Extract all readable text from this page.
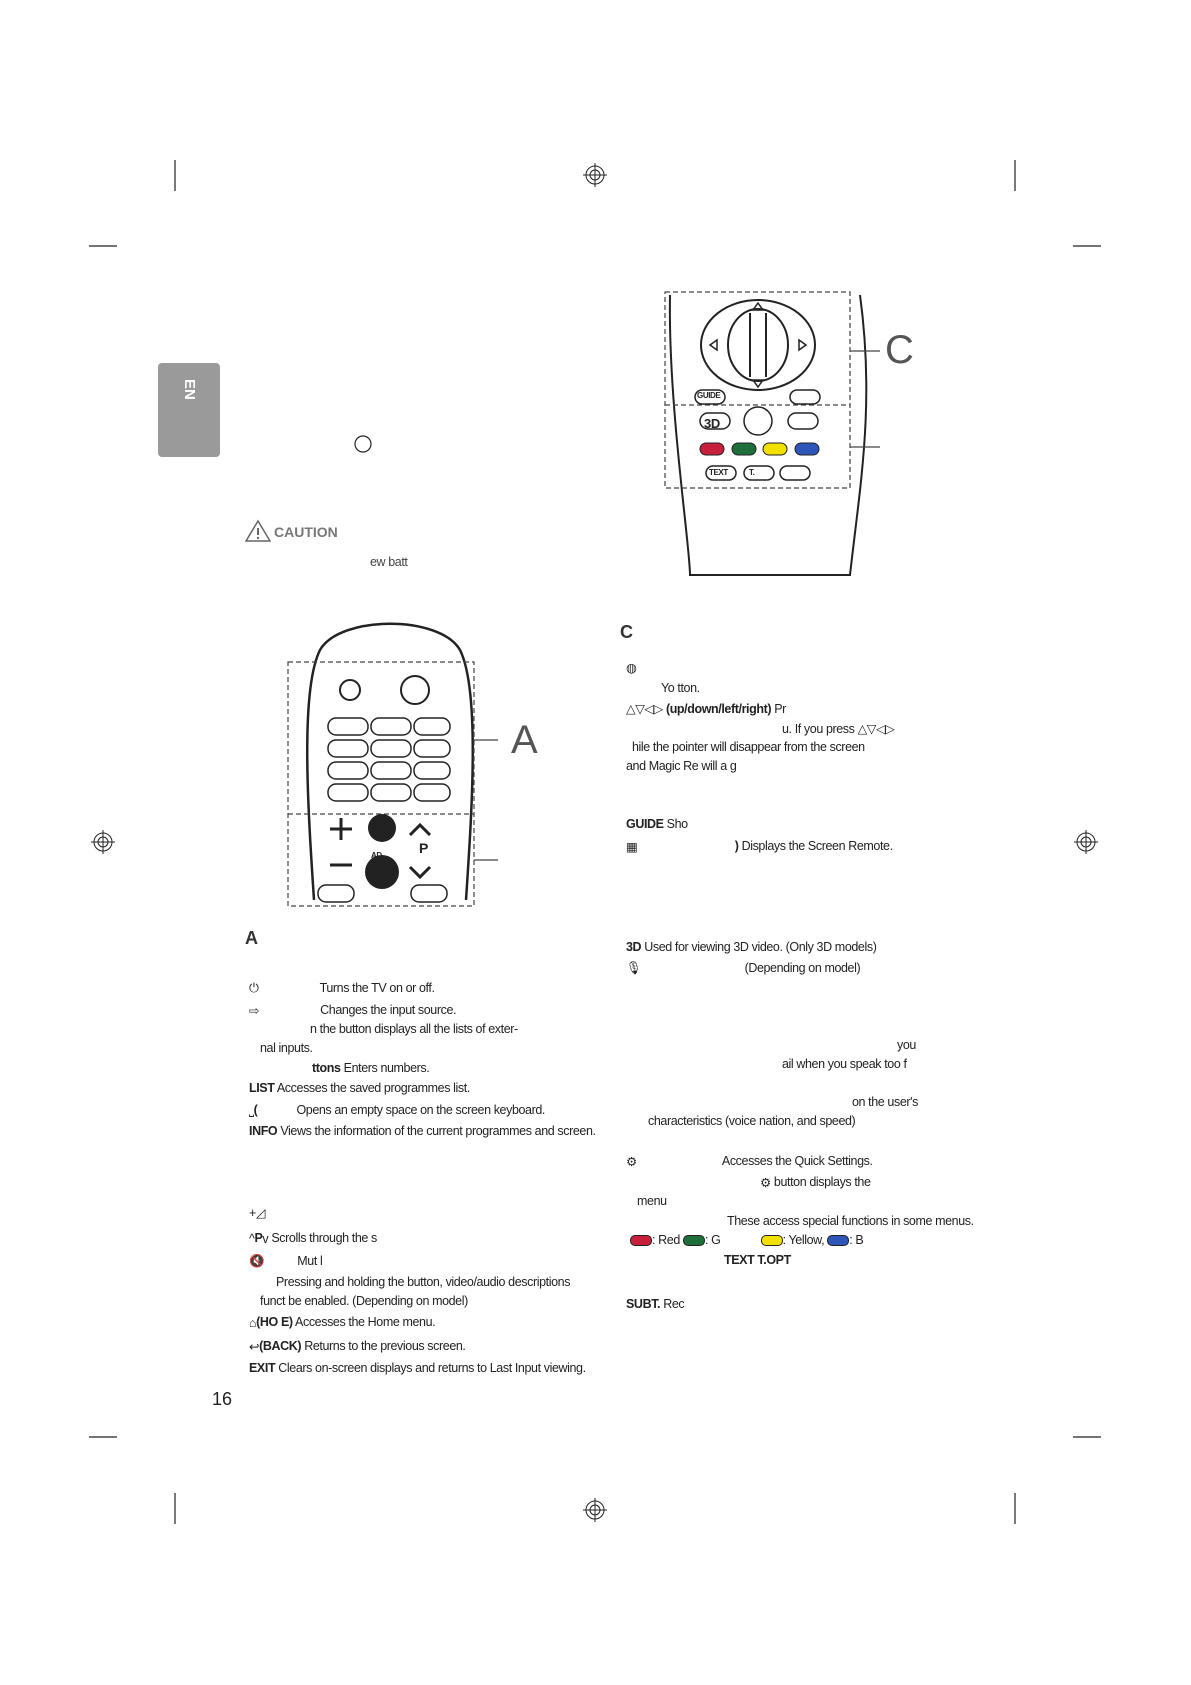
EN
CAUTION
ew batt
GUIDE
3D
TEXT	T.
C
AD	P
A
A
⏻	Turns the TV on or off.
⇨	Changes the input source.
n the button displays all the lists of exter-
nal inputs.
ttons Enters numbers.
LIST Accesses the saved programmes list.
⎵(	Opens an empty space on the screen keyboard.
INFO Views the information of the current programmes and screen.
+◿
^Pv Scrolls through the s
🔇	Mut l
Pressing and holding the button, video/audio descriptions
funct be enabled. (Depending on model)
⌂(HO E) Accesses the Home menu.
↩(BACK) Returns to the previous screen.
EXIT Clears on-screen displays and returns to Last Input viewing.
C
◍
Yo tton.
△▽◁▷ (up/down/left/right) Pr
u. If you press △▽◁▷
hile the pointer will disappear from the screen
and Magic Re will a g
GUIDE Sho
▦	) Displays the Screen Remote.
3D Used for viewing 3D video. (Only 3D models)
🎙	(Depending on model)
you
ail when you speak too f
on the user's
characteristics (voice nation, and speed)
⚙	Accesses the Quick Settings.
⚙ button displays the
menu
These access special functions in some menus.
: Red : G	: Yellow, : B
TEXT T.OPT
SUBT. Rec
16
